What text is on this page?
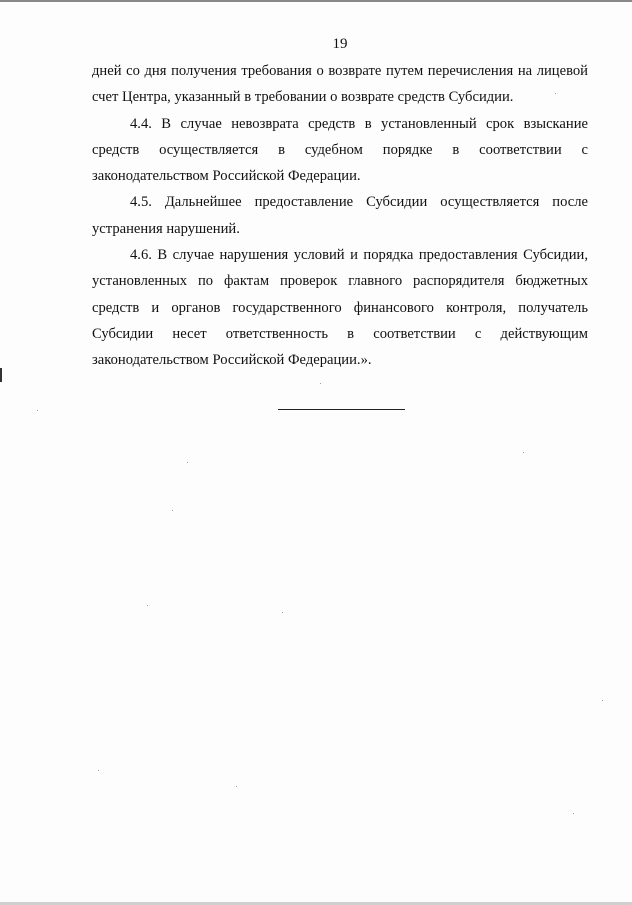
19

дней со дня получения требования о возврате путем перечисления на лицевой счет Центра, указанный в требовании о возврате средств Субсидии.

4.4. В случае невозврата средств в установленный срок взыскание средств осуществляется в судебном порядке в соответствии с законодательством Российской Федерации.

4.5. Дальнейшее предоставление Субсидии осуществляется после устранения нарушений.

4.6. В случае нарушения условий и порядка предоставления Субсидии, установленных по фактам проверок главного распорядителя бюджетных средств и органов государственного финансового контроля, получатель Субсидии несет ответственность в соответствии с действующим законодательством Российской Федерации.».
